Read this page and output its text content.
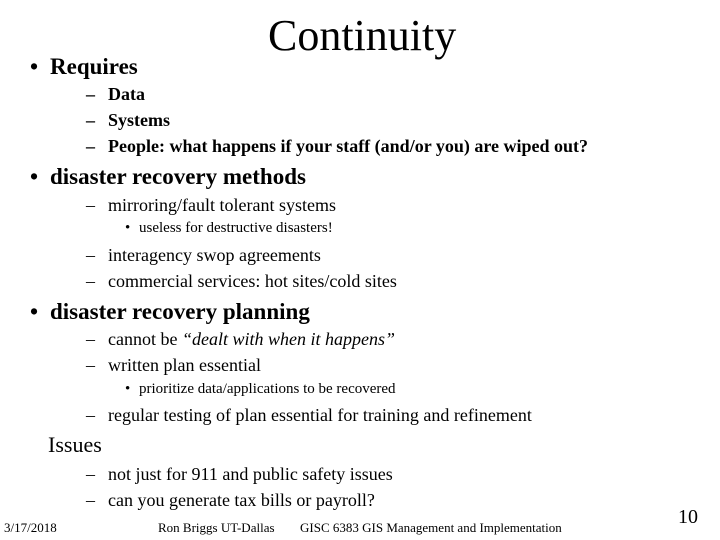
Continuity
• Requires
– Data
– Systems
– People: what happens if your staff (and/or you) are wiped out?
• disaster recovery methods
– mirroring/fault tolerant systems
• useless for destructive disasters!
– interagency swop agreements
– commercial services: hot sites/cold sites
• disaster recovery planning
– cannot be “dealt with when it happens”
– written plan essential
• prioritize data/applications to be recovered
– regular testing of plan essential for training and refinement
Issues
– not just for 911 and public safety issues
– can you generate tax bills or payroll?
3/17/2018	Ron Briggs UT-Dallas GISC 6383 GIS Management and Implementation	10
